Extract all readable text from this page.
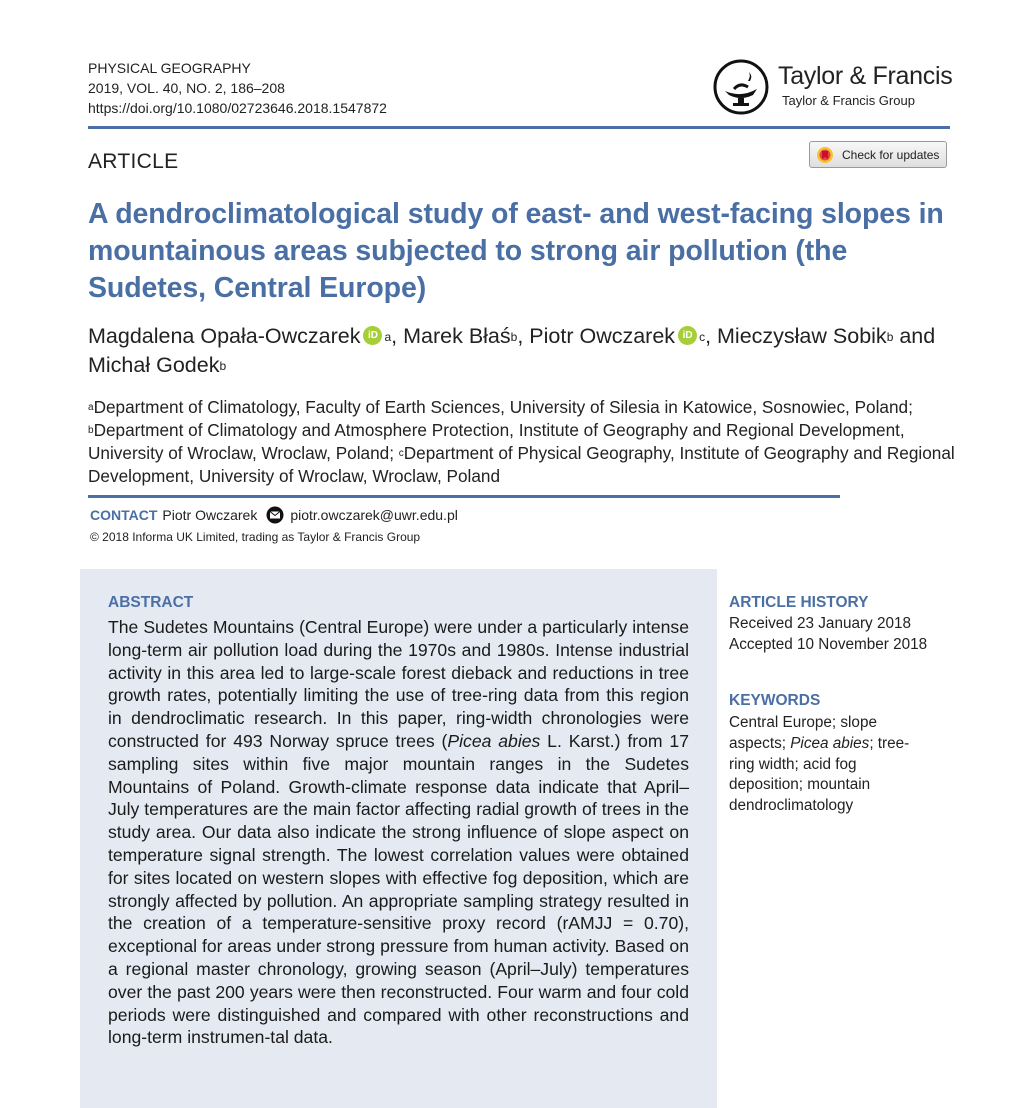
PHYSICAL GEOGRAPHY
2019, VOL. 40, NO. 2, 186–208
https://doi.org/10.1080/02723646.2018.1547872
Taylor & Francis
Taylor & Francis Group
ARTICLE	Check for updates
A dendroclimatological study of east- and west-facing slopes in mountainous areas subjected to strong air pollution (the Sudetes, Central Europe)
Magdalena Opała-Owczarek iD $^a$, Marek Błaś$^b$, Piotr Owczarek iD $^c$, Mieczysław Sobik$^b$ and Michał Godek$^b$
$^a$Department of Climatology, Faculty of Earth Sciences, University of Silesia in Katowice, Sosnowiec, Poland; $^b$Department of Climatology and Atmosphere Protection, Institute of Geography and Regional Development, University of Wroclaw, Wroclaw, Poland; $^c$Department of Physical Geography, Institute of Geography and Regional Development, University of Wroclaw, Wroclaw, Poland
CONTACT Piotr Owczarek piotr.owczarek@uwr.edu.pl
© 2018 Informa UK Limited, trading as Taylor & Francis Group
ABSTRACT
The Sudetes Mountains (Central Europe) were under a particularly intense long-term air pollution load during the 1970s and 1980s. Intense industrial activity in this area led to large-scale forest dieback and reductions in tree growth rates, potentially limiting the use of tree-ring data from this region in dendroclimatic research. In this paper, ring-width chronologies were constructed for 493 Norway spruce trees (Picea abies L. Karst.) from 17 sampling sites within five major mountain ranges in the Sudetes Mountains of Poland. Growth-climate response data indicate that April–July temperatures are the main factor affecting radial growth of trees in the study area. Our data also indicate the strong influence of slope aspect on temperature signal strength. The lowest correlation values were obtained for sites located on western slopes with effective fog deposition, which are strongly affected by pollution. An appropriate sampling strategy resulted in the creation of a temperature-sensitive proxy record (rAMJJ = 0.70), exceptional for areas under strong pressure from human activity. Based on a regional master chronology, growing season (April–July) temperatures over the past 200 years were then reconstructed. Four warm and four cold periods were distinguished and compared with other reconstructions and long-term instrumen-tal data.
ARTICLE HISTORY
Received 23 January 2018
Accepted 10 November 2018
KEYWORDS
Central Europe; slope aspects; Picea abies; tree-ring width; acid fog deposition; mountain dendroclimatology
